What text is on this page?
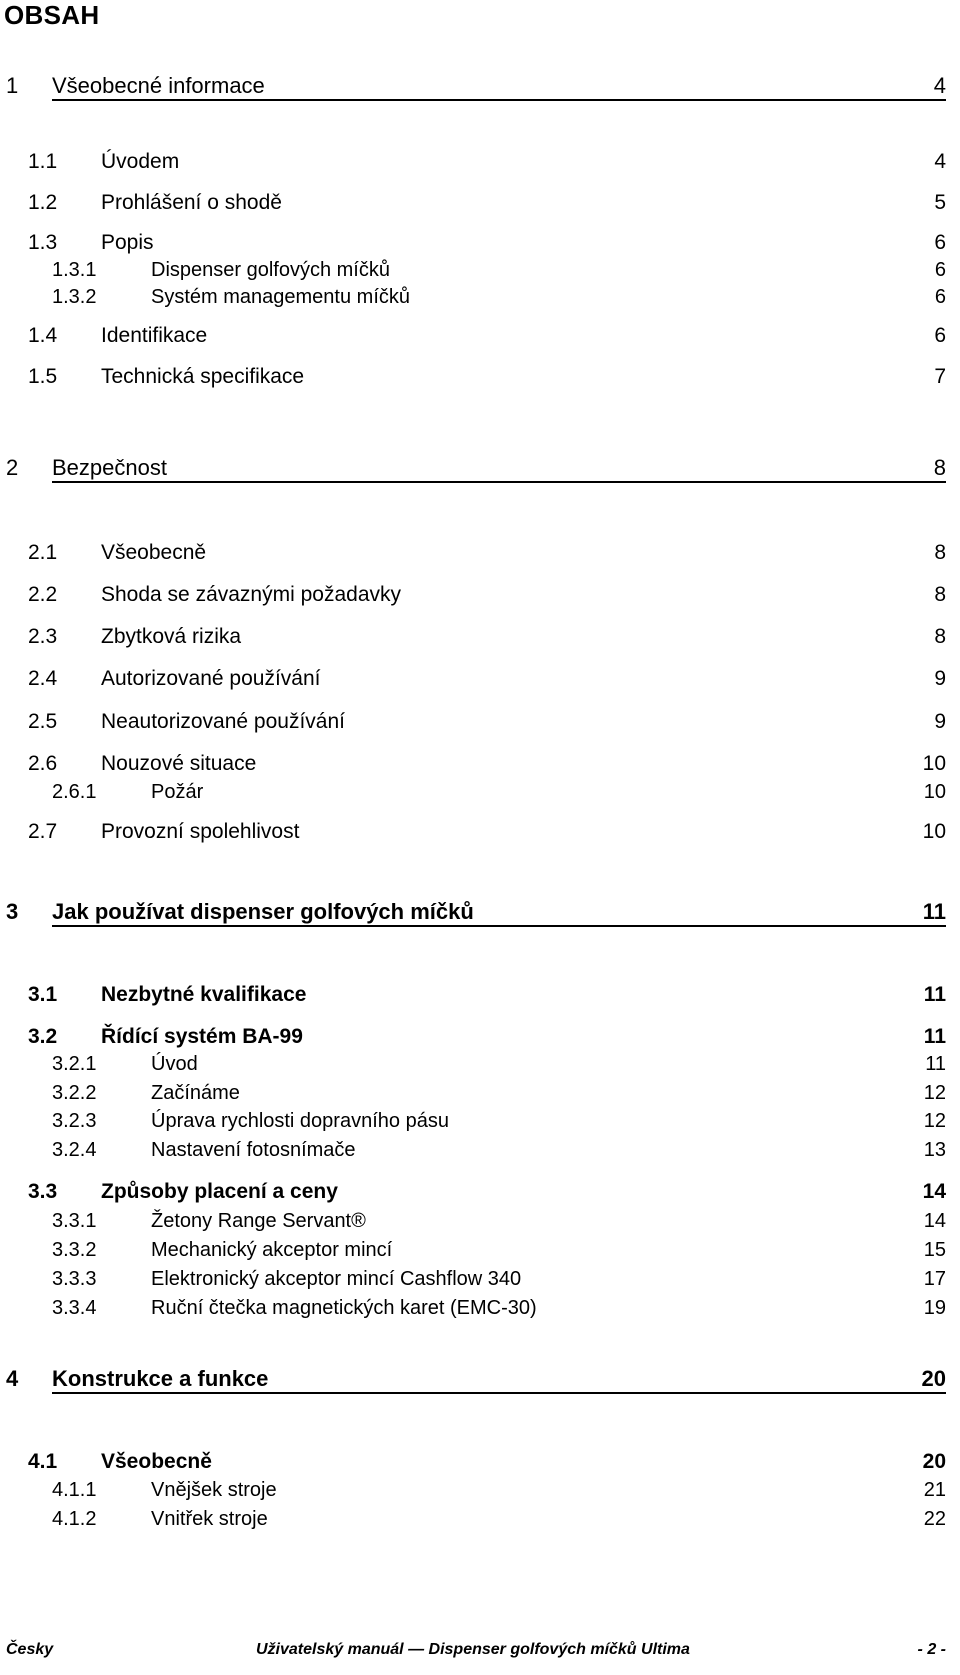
OBSAH
1 Všeobecné informace	4
1.1 Úvodem	4
1.2 Prohlášení o shodě	5
1.3 Popis	6
1.3.1	Dispenser golfových míčků	6
1.3.2	Systém managementu míčků	6
1.4 Identifikace	6
1.5 Technická specifikace	7
2 Bezpečnost	8
2.1 Všeobecně	8
2.2 Shoda se závaznými požadavky	8
2.3 Zbytková rizika	8
2.4 Autorizované používání	9
2.5 Neautorizované používání	9
2.6 Nouzové situace	10
2.6.1	Požár	10
2.7 Provozní spolehlivost	10
3 Jak používat dispenser golfových míčků	11
3.1 Nezbytné kvalifikace	11
3.2 Řídící systém BA-99	11
3.2.1	Úvod	11
3.2.2	Začínáme	12
3.2.3	Úprava rychlosti dopravního pásu	12
3.2.4	Nastavení fotosnímače	13
3.3 Způsoby placení a ceny	14
3.3.1	Žetony Range Servant®	14
3.3.2	Mechanický akceptor mincí	15
3.3.3	Elektronický akceptor mincí Cashflow 340	17
3.3.4	Ruční čtečka magnetických karet (EMC-30)	19
4 Konstrukce a funkce	20
4.1 Všeobecně	20
4.1.1	Vnějšek stroje	21
4.1.2	Vnitřek stroje	22
Česky	Uživatelský manuál — Dispenser golfových míčků Ultima	- 2 -
